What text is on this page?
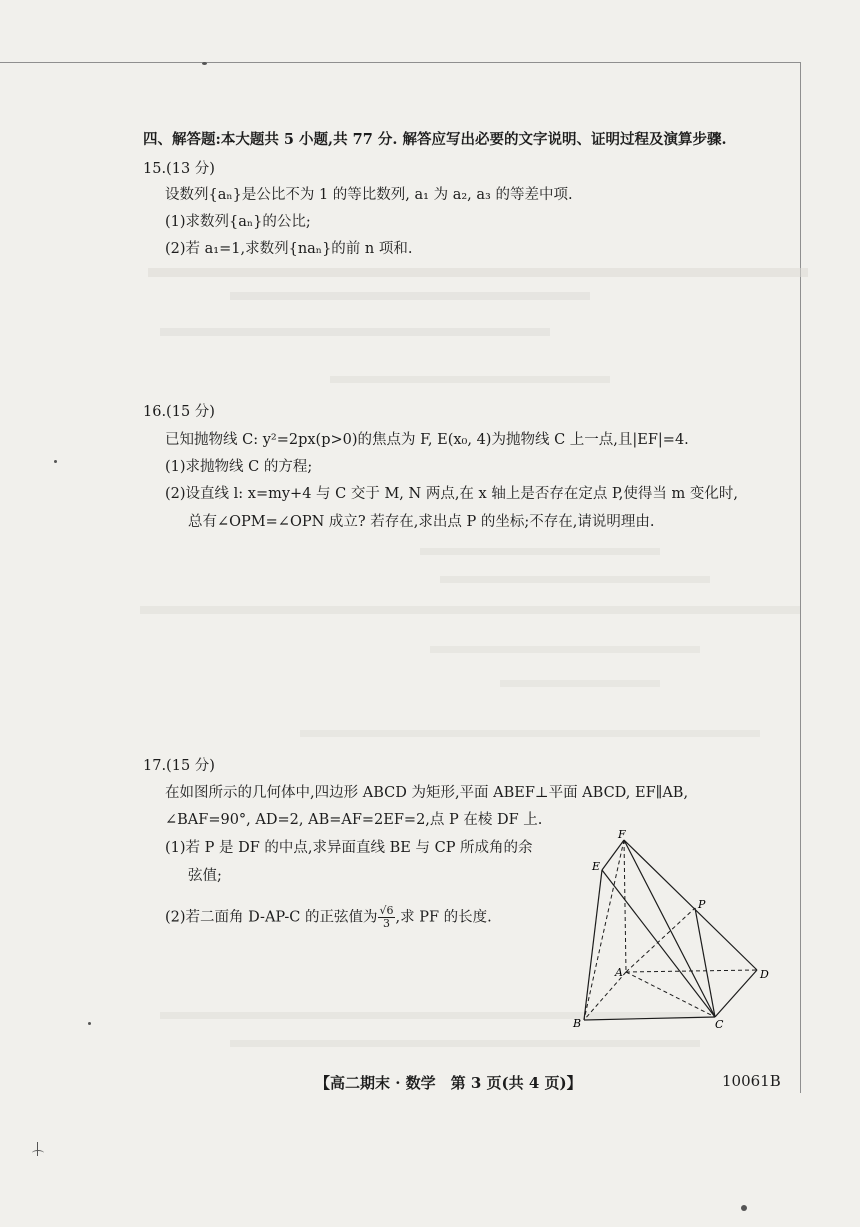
四、解答题:本大题共 5 小题,共 77 分. 解答应写出必要的文字说明、证明过程及演算步骤.
15.(13 分)
设数列{aₙ}是公比不为 1 的等比数列, a₁ 为 a₂, a₃ 的等差中项.
(1)求数列{aₙ}的公比;
(2)若 a₁=1,求数列{naₙ}的前 n 项和.
16.(15 分)
已知抛物线 C: y²=2px(p>0)的焦点为 F, E(x₀, 4)为抛物线 C 上一点,且|EF|=4.
(1)求抛物线 C 的方程;
(2)设直线 l: x=my+4 与 C 交于 M, N 两点,在 x 轴上是否存在定点 P,使得当 m 变化时,
总有∠OPM=∠OPN 成立? 若存在,求出点 P 的坐标;不存在,请说明理由.
17.(15 分)
在如图所示的几何体中,四边形 ABCD 为矩形,平面 ABEF⊥平面 ABCD, EF∥AB,
∠BAF=90°, AD=2, AB=AF=2EF=2,点 P 在棱 DF 上.
(1)若 P 是 DF 的中点,求异面直线 BE 与 CP 所成角的余
弦值;
(2)若二面角 D-AP-C 的正弦值为 $\frac{√6}{3}$ ,求 PF 的长度.
F
E
P
A	D
B	C
【高二期末 · 数学　第 3 页(共 4 页)】	10061B
